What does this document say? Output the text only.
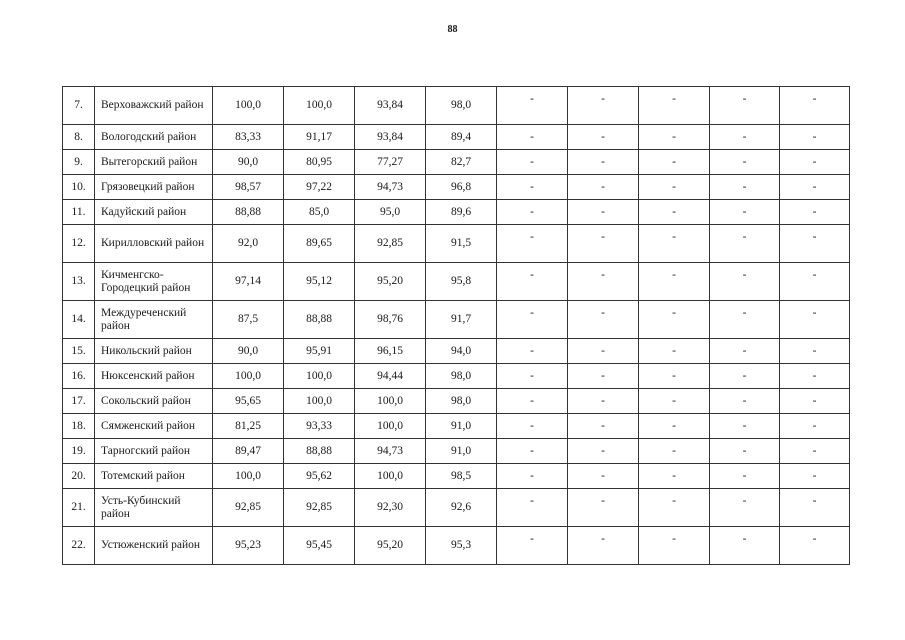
88
7.	Верховажский район	100,0	100,0	93,84	98,0	-	-	-	-	-
8.	Вологодский район	83,33	91,17	93,84	89,4	-	-	-	-	-
9.	Вытегорский район	90,0	80,95	77,27	82,7	-	-	-	-	-
10.	Грязовецкий район	98,57	97,22	94,73	96,8	-	-	-	-	-
11.	Кадуйский район	88,88	85,0	95,0	89,6	-	-	-	-	-
12.	Кирилловский район	92,0	89,65	92,85	91,5	-	-	-	-	-
13.	Кичменгско-Городецкий район	97,14	95,12	95,20	95,8	-	-	-	-	-
14.	Междуреченский район	87,5	88,88	98,76	91,7	-	-	-	-	-
15.	Никольский район	90,0	95,91	96,15	94,0	-	-	-	-	-
16.	Нюксенский район	100,0	100,0	94,44	98,0	-	-	-	-	-
17.	Сокольский район	95,65	100,0	100,0	98,0	-	-	-	-	-
18.	Сямженский район	81,25	93,33	100,0	91,0	-	-	-	-	-
19.	Тарногский район	89,47	88,88	94,73	91,0	-	-	-	-	-
20.	Тотемский район	100,0	95,62	100,0	98,5	-	-	-	-	-
21.	Усть-Кубинский район	92,85	92,85	92,30	92,6	-	-	-	-	-
22.	Устюженский район	95,23	95,45	95,20	95,3	-	-	-	-	-
